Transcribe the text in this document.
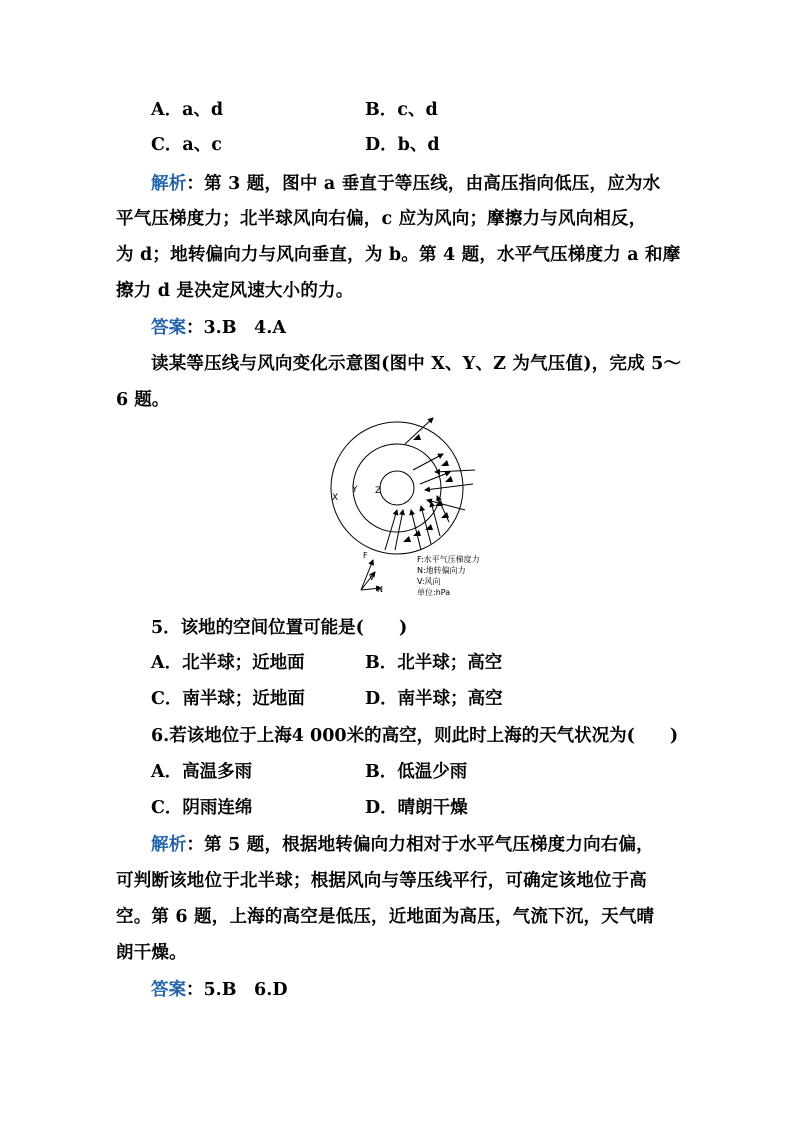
A．a、d	B．c、d
C．a、c	D．b、d
解析：第 3 题，图中 a 垂直于等压线，由高压指向低压，应为水
平气压梯度力；北半球风向右偏，c 应为风向；摩擦力与风向相反，
为 d；地转偏向力与风向垂直，为 b。第 4 题，水平气压梯度力 a 和摩
擦力 d 是决定风速大小的力。
答案：3.B　4.A
读某等压线与风向变化示意图(图中 X、Y、Z 为气压值)，完成 5～
6 题。
X
Y Z
F
V
N
F:水平气压梯度力
N:地转偏向力
V:风向
单位:hPa
5．该地的空间位置可能是(　　)
A．北半球；近地面	B．北半球；高空
C．南半球；近地面	D．南半球；高空
6.若该地位于上海4 000米的高空，则此时上海的天气状况为(　　)
A．高温多雨	B．低温少雨
C．阴雨连绵	D．晴朗干燥
解析：第 5 题，根据地转偏向力相对于水平气压梯度力向右偏，
可判断该地位于北半球；根据风向与等压线平行，可确定该地位于高
空。第 6 题，上海的高空是低压，近地面为高压，气流下沉，天气晴
朗干燥。
答案：5.B　6.D
